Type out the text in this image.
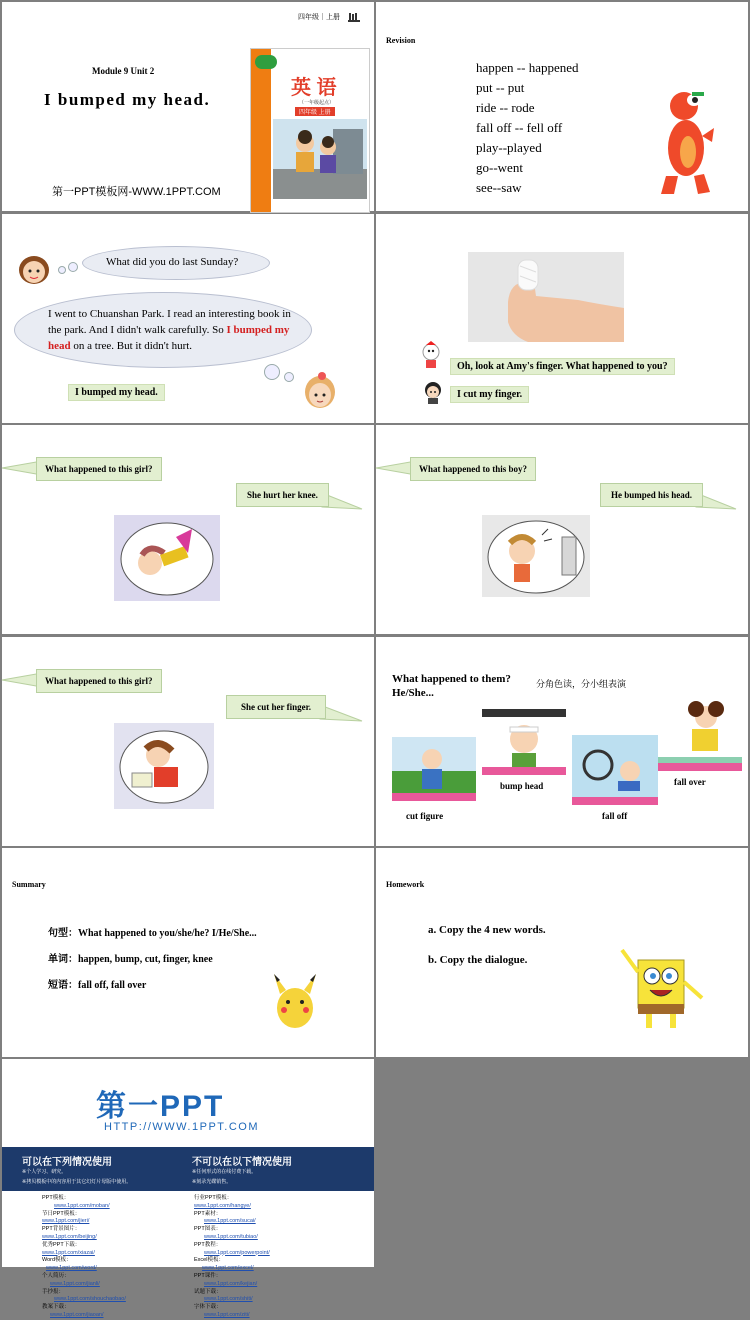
四年级｜上册
Module 9 Unit 2
I bumped my head.
第一PPT模板网-WWW.1PPT.COM
英 语
（一年级起点）
四年级 上册
Revision
happen -- happened
put -- put
ride -- rode
fall off -- fell off
play--played
go--went
see--saw
What did you do last Sunday?
I went to Chuanshan Park. I read an interesting book in the park. And I didn't walk carefully. So I bumped my head on a tree. But it didn't hurt.
I bumped my head.
Oh, look at Amy's finger. What happened to you?
I cut my finger.
What happened to this girl?
She hurt her knee.
What happened to this boy?
He bumped his head.
What happened to this girl?
She cut her finger.
What happened to them?
He/She...
分角色读，分小组表演
cut figure
bump head
fall off
fall over
Summary
句型：What happened to you/she/he? I/He/She...
单词：happen, bump, cut, finger, knee
短语：fall off, fall over
Homework
a. Copy the 4 new words.
b. Copy the dialogue.
第一PPT
HTTP://WWW.1PPT.COM
可以在下列情况使用
※个人学习、研究。
※拷贝模板中的内容用于其它幻灯片母版中使用。
不可以在以下情况使用
※任何形式的在线付费下载。
※刻录光碟销售。
PPT模板：
www.1ppt.com/moban/
节日PPT模板：
www.1ppt.com/jieri/
PPT背景图片：
www.1ppt.com/beijing/
优秀PPT下载：
www.1ppt.com/xiazai/
Word模板：
www.1ppt.com/word/
个人简历：
www.1ppt.com/jianli/
手抄报：
www.1ppt.com/shouchaobao/
教案下载：
www.1ppt.com/jiaoan/
行业PPT模板：
www.1ppt.com/hangye/
PPT素材：
www.1ppt.com/sucai/
PPT图表：
www.1ppt.com/tubiao/
PPT教程：
www.1ppt.com/powerpoint/
Excel模板：
www.1ppt.com/excel/
PPT课件：
www.1ppt.com/kejian/
试题下载：
www.1ppt.com/shiti/
字体下载：
www.1ppt.com/ziti/
